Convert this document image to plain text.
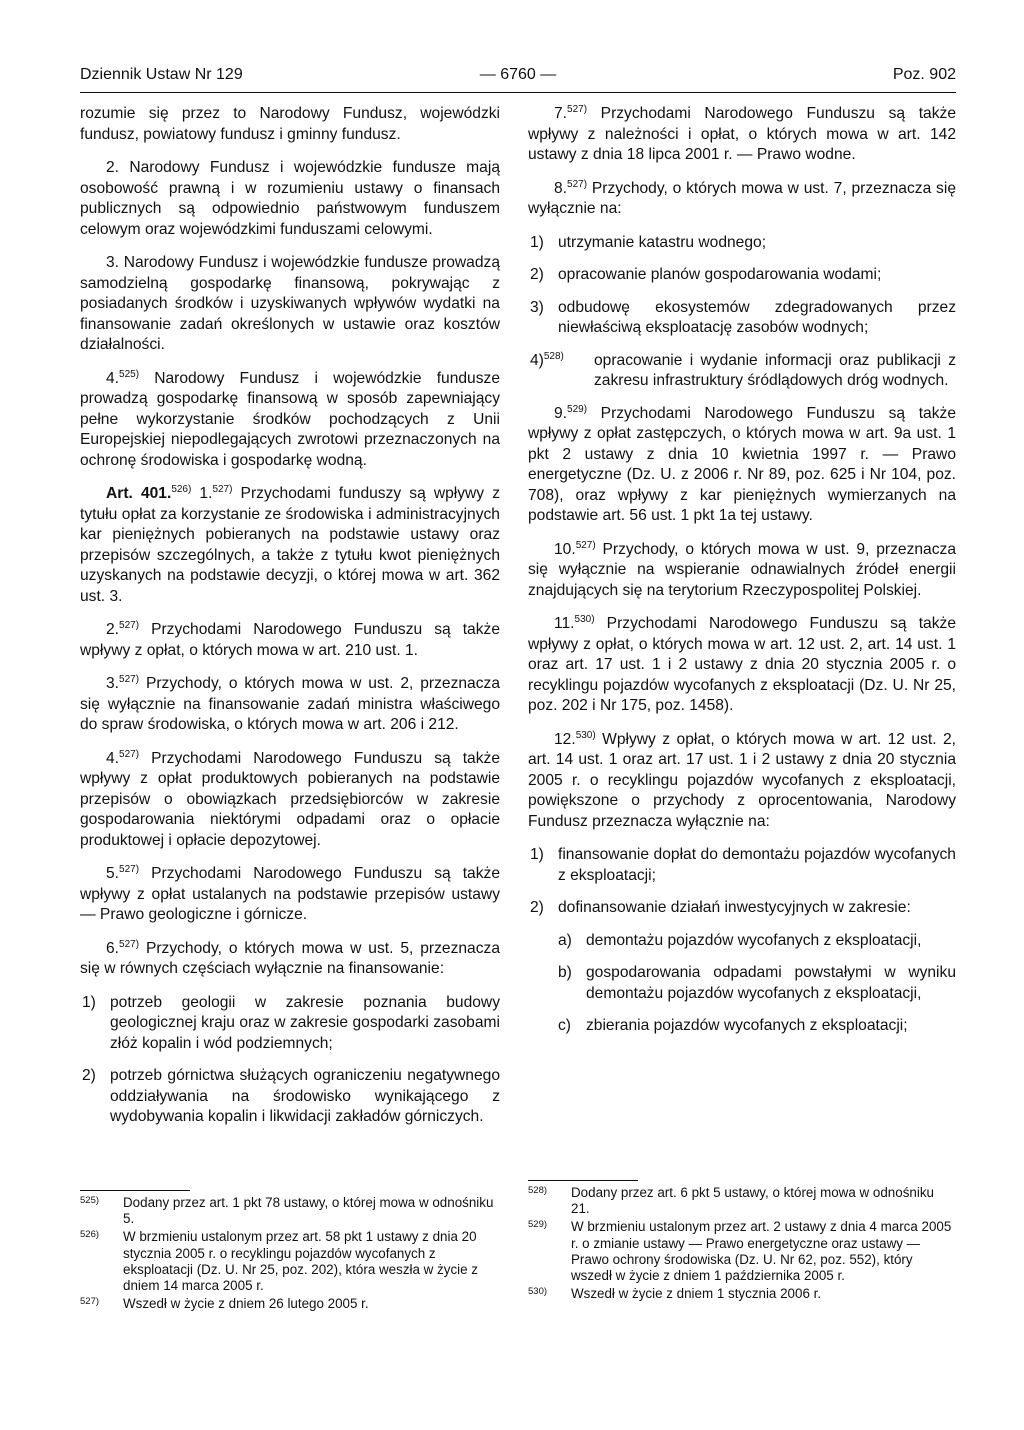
Dziennik Ustaw Nr 129	— 6760 —	Poz. 902

rozumie się przez to Narodowy Fundusz, wojewódzki fundusz, powiatowy fundusz i gminny fundusz.

2. Narodowy Fundusz i wojewódzkie fundusze mają osobowość prawną i w rozumieniu ustawy o finansach publicznych są odpowiednio państwowym funduszem celowym oraz wojewódzkimi funduszami celowymi.

3. Narodowy Fundusz i wojewódzkie fundusze prowadzą samodzielną gospodarkę finansową, pokrywając z posiadanych środków i uzyskiwanych wpływów wydatki na finansowanie zadań określonych w ustawie oraz kosztów działalności.

4.$^{525)}$ Narodowy Fundusz i wojewódzkie fundusze prowadzą gospodarkę finansową w sposób zapewniający pełne wykorzystanie środków pochodzących z Unii Europejskiej niepodlegających zwrotowi przeznaczonych na ochronę środowiska i gospodarkę wodną.

Art. 401.$^{526)}$ 1.$^{527)}$ Przychodami funduszy są wpływy z tytułu opłat za korzystanie ze środowiska i administracyjnych kar pieniężnych pobieranych na podstawie ustawy oraz przepisów szczególnych, a także z tytułu kwot pieniężnych uzyskanych na podstawie decyzji, o której mowa w art. 362 ust. 3.

2.$^{527)}$ Przychodami Narodowego Funduszu są także wpływy z opłat, o których mowa w art. 210 ust. 1.

3.$^{527)}$ Przychody, o których mowa w ust. 2, przeznacza się wyłącznie na finansowanie zadań ministra właściwego do spraw środowiska, o których mowa w art. 206 i 212.

4.$^{527)}$ Przychodami Narodowego Funduszu są także wpływy z opłat produktowych pobieranych na podstawie przepisów o obowiązkach przedsiębiorców w zakresie gospodarowania niektórymi odpadami oraz o opłacie produktowej i opłacie depozytowej.

5.$^{527)}$ Przychodami Narodowego Funduszu są także wpływy z opłat ustalanych na podstawie przepisów ustawy — Prawo geologiczne i górnicze.

6.$^{527)}$ Przychody, o których mowa w ust. 5, przeznacza się w równych częściach wyłącznie na finansowanie:

1) potrzeb geologii w zakresie poznania budowy geologicznej kraju oraz w zakresie gospodarki zasobami złóż kopalin i wód podziemnych;
2) potrzeb górnictwa służących ograniczeniu negatywnego oddziaływania na środowisko wynikającego z wydobywania kopalin i likwidacji zakładów górniczych.

7.$^{527)}$ Przychodami Narodowego Funduszu są także wpływy z należności i opłat, o których mowa w art. 142 ustawy z dnia 18 lipca 2001 r. — Prawo wodne.

8.$^{527)}$ Przychody, o których mowa w ust. 7, przeznacza się wyłącznie na:

1) utrzymanie katastru wodnego;
2) opracowanie planów gospodarowania wodami;
3) odbudowę ekosystemów zdegradowanych przez niewłaściwą eksploatację zasobów wodnych;
4)$^{528)}$ opracowanie i wydanie informacji oraz publikacji z zakresu infrastruktury śródlądowych dróg wodnych.

9.$^{529)}$ Przychodami Narodowego Funduszu są także wpływy z opłat zastępczych, o których mowa w art. 9a ust. 1 pkt 2 ustawy z dnia 10 kwietnia 1997 r. — Prawo energetyczne (Dz. U. z 2006 r. Nr 89, poz. 625 i Nr 104, poz. 708), oraz wpływy z kar pieniężnych wymierzanych na podstawie art. 56 ust. 1 pkt 1a tej ustawy.

10.$^{527)}$ Przychody, o których mowa w ust. 9, przeznacza się wyłącznie na wspieranie odnawialnych źródeł energii znajdujących się na terytorium Rzeczypospolitej Polskiej.

11.$^{530)}$ Przychodami Narodowego Funduszu są także wpływy z opłat, o których mowa w art. 12 ust. 2, art. 14 ust. 1 oraz art. 17 ust. 1 i 2 ustawy z dnia 20 stycznia 2005 r. o recyklingu pojazdów wycofanych z eksploatacji (Dz. U. Nr 25, poz. 202 i Nr 175, poz. 1458).

12.$^{530)}$ Wpływy z opłat, o których mowa w art. 12 ust. 2, art. 14 ust. 1 oraz art. 17 ust. 1 i 2 ustawy z dnia 20 stycznia 2005 r. o recyklingu pojazdów wycofanych z eksploatacji, powiększone o przychody z oprocentowania, Narodowy Fundusz przeznacza wyłącznie na:

1) finansowanie dopłat do demontażu pojazdów wycofanych z eksploatacji;
2) dofinansowanie działań inwestycyjnych w zakresie:
a) demontażu pojazdów wycofanych z eksploatacji,
b) gospodarowania odpadami powstałymi w wyniku demontażu pojazdów wycofanych z eksploatacji,
c) zbierania pojazdów wycofanych z eksploatacji;
$^{525)}$ Dodany przez art. 1 pkt 78 ustawy, o której mowa w odnośniku 5.
$^{526)}$ W brzmieniu ustalonym przez art. 58 pkt 1 ustawy z dnia 20 stycznia 2005 r. o recyklingu pojazdów wycofanych z eksploatacji (Dz. U. Nr 25, poz. 202), która weszła w życie z dniem 14 marca 2005 r.
$^{527)}$ Wszedł w życie z dniem 26 lutego 2005 r.
$^{528)}$ Dodany przez art. 6 pkt 5 ustawy, o której mowa w odnośniku 21.
$^{529)}$ W brzmieniu ustalonym przez art. 2 ustawy z dnia 4 marca 2005 r. o zmianie ustawy — Prawo energetyczne oraz ustawy — Prawo ochrony środowiska (Dz. U. Nr 62, poz. 552), który wszedł w życie z dniem 1 października 2005 r.
$^{530)}$ Wszedł w życie z dniem 1 stycznia 2006 r.
